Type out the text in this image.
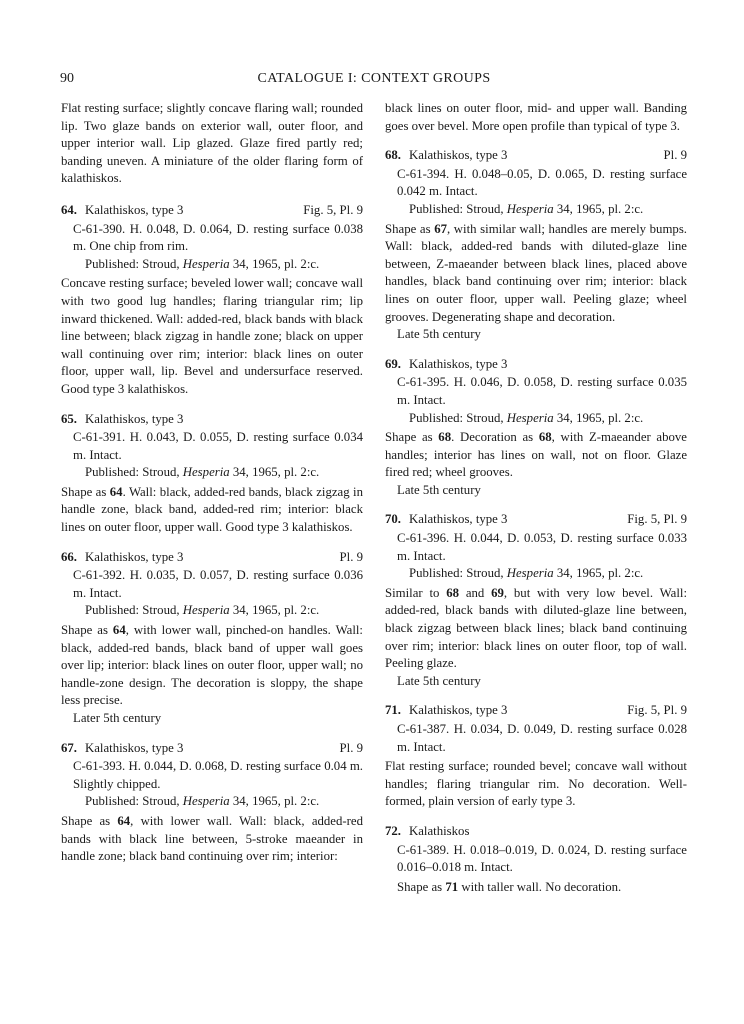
90	CATALOGUE I: CONTEXT GROUPS

Flat resting surface; slightly concave flaring wall; rounded lip. Two glaze bands on exterior wall, outer floor, and upper interior wall. Lip glazed. Glaze fired partly red; banding uneven. A miniature of the older flaring form of kalathiskos.

64. Kalathiskos, type 3	Fig. 5, Pl. 9

C-61-390. H. 0.048, D. 0.064, D. resting surface 0.038 m. One chip from rim.

Published: Stroud, Hesperia 34, 1965, pl. 2:c.

Concave resting surface; beveled lower wall; concave wall with two good lug handles; flaring triangular rim; lip inward thickened. Wall: added-red, black bands with black line between; black zigzag in handle zone; black on upper wall continuing over rim; interior: black lines on outer floor, upper wall, lip. Bevel and undersurface reserved. Good type 3 kalathiskos.

65. Kalathiskos, type 3

C-61-391. H. 0.043, D. 0.055, D. resting surface 0.034 m. Intact.

Published: Stroud, Hesperia 34, 1965, pl. 2:c.

Shape as 64. Wall: black, added-red bands, black zigzag in handle zone, black band, added-red rim; interior: black lines on outer floor, upper wall. Good type 3 kalathiskos.

66. Kalathiskos, type 3	Pl. 9

C-61-392. H. 0.035, D. 0.057, D. resting surface 0.036 m. Intact.

Published: Stroud, Hesperia 34, 1965, pl. 2:c.

Shape as 64, with lower wall, pinched-on handles. Wall: black, added-red bands, black band of upper wall goes over lip; interior: black lines on outer floor, upper wall; no handle-zone design. The decoration is sloppy, the shape less precise.

Later 5th century

67. Kalathiskos, type 3	Pl. 9

C-61-393. H. 0.044, D. 0.068, D. resting surface 0.04 m. Slightly chipped.

Published: Stroud, Hesperia 34, 1965, pl. 2:c.

Shape as 64, with lower wall. Wall: black, added-red bands with black line between, 5-stroke maeander in handle zone; black band continuing over rim; interior:

black lines on outer floor, mid- and upper wall. Banding goes over bevel. More open profile than typical of type 3.

68. Kalathiskos, type 3	Pl. 9

C-61-394. H. 0.048–0.05, D. 0.065, D. resting surface 0.042 m. Intact.

Published: Stroud, Hesperia 34, 1965, pl. 2:c.

Shape as 67, with similar wall; handles are merely bumps. Wall: black, added-red bands with diluted-glaze line between, Z-maeander between black lines, placed above handles, black band continuing over rim; interior: black lines on outer floor, upper wall. Peeling glaze; wheel grooves. Degenerating shape and decoration.

Late 5th century

69. Kalathiskos, type 3

C-61-395. H. 0.046, D. 0.058, D. resting surface 0.035 m. Intact.

Published: Stroud, Hesperia 34, 1965, pl. 2:c.

Shape as 68. Decoration as 68, with Z-maeander above handles; interior has lines on wall, not on floor. Glaze fired red; wheel grooves.

Late 5th century

70. Kalathiskos, type 3	Fig. 5, Pl. 9

C-61-396. H. 0.044, D. 0.053, D. resting surface 0.033 m. Intact.

Published: Stroud, Hesperia 34, 1965, pl. 2:c.

Similar to 68 and 69, but with very low bevel. Wall: added-red, black bands with diluted-glaze line between, black zigzag between black lines; black band continuing over rim; interior: black lines on outer floor, top of wall. Peeling glaze.

Late 5th century

71. Kalathiskos, type 3	Fig. 5, Pl. 9

C-61-387. H. 0.034, D. 0.049, D. resting surface 0.028 m. Intact.

Flat resting surface; rounded bevel; concave wall without handles; flaring triangular rim. No decoration. Well-formed, plain version of early type 3.

72. Kalathiskos

C-61-389. H. 0.018–0.019, D. 0.024, D. resting surface 0.016–0.018 m. Intact.

Shape as 71 with taller wall. No decoration.
